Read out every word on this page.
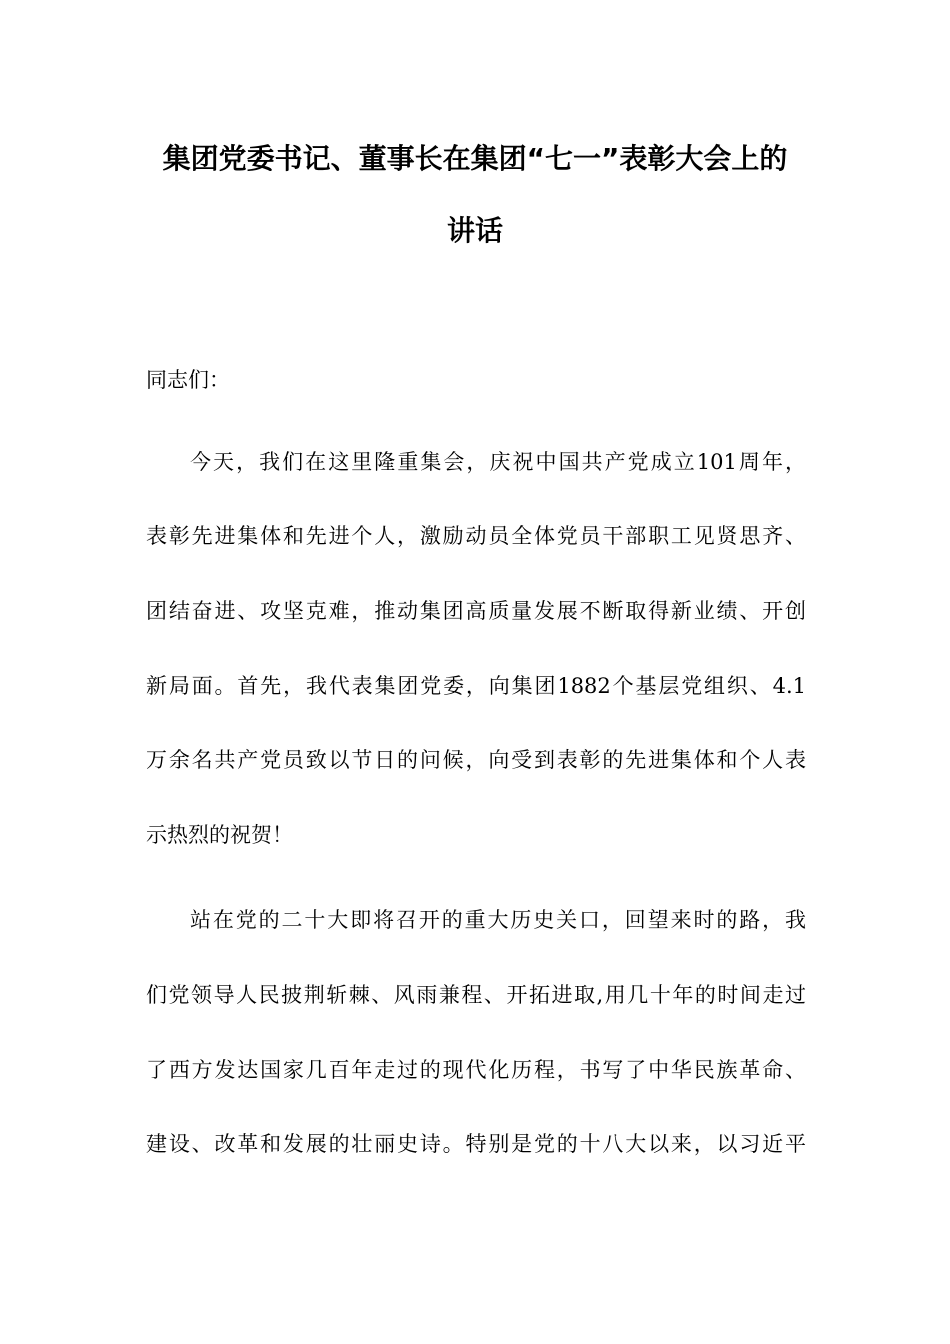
集团党委书记、董事长在集团“七一”表彰大会上的
讲话
同志们：
今天，我们在这里隆重集会，庆祝中国共产党成立101周年，
表彰先进集体和先进个人，激励动员全体党员干部职工见贤思齐、
团结奋进、攻坚克难，推动集团高质量发展不断取得新业绩、开创
新局面。首先，我代表集团党委，向集团1882个基层党组织、4.1
万余名共产党员致以节日的问候，向受到表彰的先进集体和个人表
示热烈的祝贺！
站在党的二十大即将召开的重大历史关口，回望来时的路，我
们党领导人民披荆斩棘、风雨兼程、开拓进取,用几十年的时间走过
了西方发达国家几百年走过的现代化历程，书写了中华民族革命、
建设、改革和发展的壮丽史诗。特别是党的十八大以来，以习近平
